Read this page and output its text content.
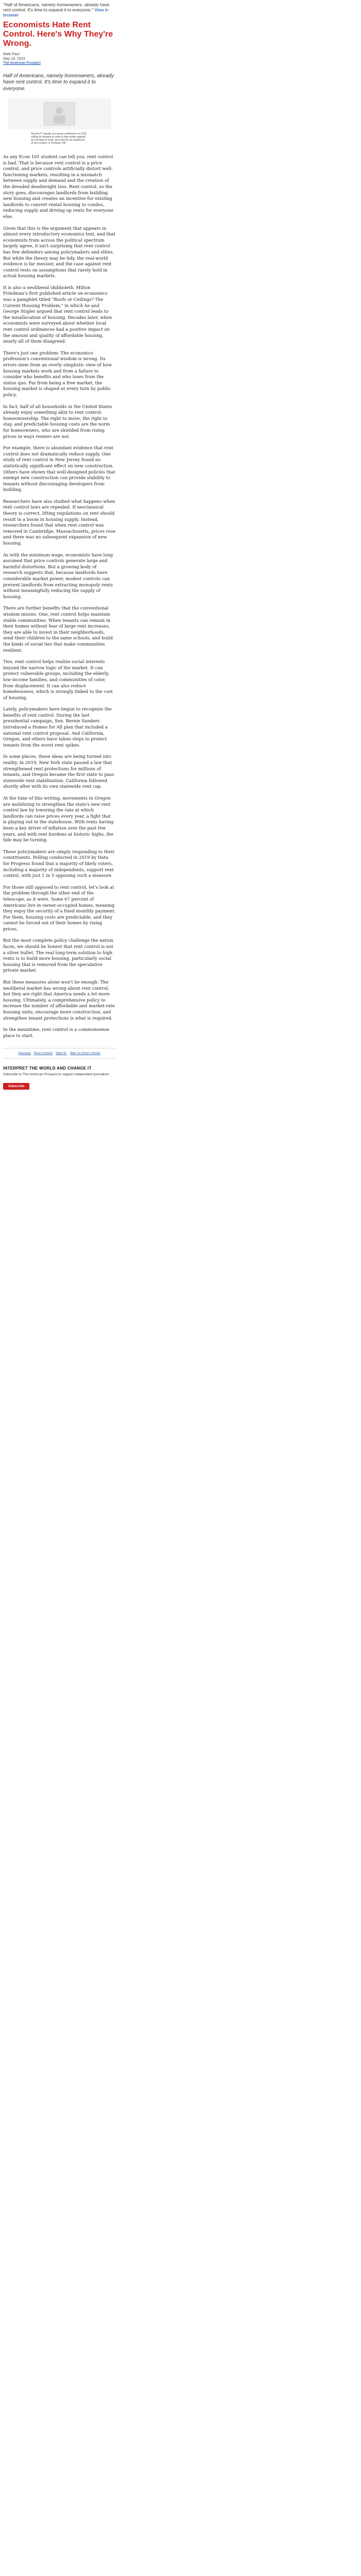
"Half of Americans, namely homeowners, already have rent control. It's time to expand it to everyone." View in browser
Economists Hate Rent Control. Here's Why They're Wrong.
Mark Paul
May 18, 2023
The American Prospect

Half of Americans, namely homeowners, already have rent control. It's time to expand it to everyone.

Tenant PT speaks at a press conference on 2/26 calling for tenants to unite to take action against an increase in rents, and calls for an expansion of rent control, in Portland, OR.

As any Econ 101 student can tell you, rent control is bad. That is because rent control is a price control, and price controls artificially distort well-functioning markets, resulting in a mismatch between supply and demand and the creation of the dreaded deadweight loss. Rent control, so the story goes, discourages landlords from building new housing and creates an incentive for existing landlords to convert rental housing to condos, reducing supply and driving up rents for everyone else.

Given that this is the argument that appears in almost every introductory economics text, and that economists from across the political spectrum largely agree, it isn't surprising that rent control has few defenders among policymakers and elites. But while the theory may be tidy, the real-world evidence is far messier, and the case against rent control rests on assumptions that rarely hold in actual housing markets.

It is also a neoliberal shibboleth. Milton Friedman's first published article on economics was a pamphlet titled "Roofs or Ceilings? The Current Housing Problem," in which he and George Stigler argued that rent control leads to the misallocation of housing. Decades later, when economists were surveyed about whether local rent control ordinances had a positive impact on the amount and quality of affordable housing, nearly all of them disagreed.

There's just one problem: The economics profession's conventional wisdom is wrong. Its errors stem from an overly simplistic view of how housing markets work and from a failure to consider who benefits and who loses from the status quo. Far from being a free market, the housing market is shaped at every turn by public policy.

In fact, half of all households in the United States already enjoy something akin to rent control: homeownership. The right to move, the right to stay, and predictable housing costs are the norm for homeowners, who are shielded from rising prices in ways renters are not.

For example, there is abundant evidence that rent control does not dramatically reduce supply. One study of rent control in New Jersey found no statistically significant effect on new construction. Others have shown that well-designed policies that exempt new construction can provide stability to tenants without discouraging developers from building.

Researchers have also studied what happens when rent control laws are repealed. If neoclassical theory is correct, lifting regulations on rent should result in a boom in housing supply. Instead, researchers found that when rent control was removed in Cambridge, Massachusetts, prices rose and there was no subsequent expansion of new housing.

As with the minimum wage, economists have long assumed that price controls generate large and harmful distortions. But a growing body of research suggests that, because landlords have considerable market power, modest controls can prevent landlords from extracting monopoly rents without meaningfully reducing the supply of housing.

There are further benefits that the conventional wisdom misses. One, rent control helps maintain stable communities. When tenants can remain in their homes without fear of large rent increases, they are able to invest in their neighborhoods, send their children to the same schools, and build the kinds of social ties that make communities resilient.

Two, rent control helps realize social interests beyond the narrow logic of the market. It can protect vulnerable groups, including the elderly, low-income families, and communities of color, from displacement. It can also reduce homelessness, which is strongly linked to the cost of housing.

Lately, policymakers have begun to recognize the benefits of rent control. During the last presidential campaign, Sen. Bernie Sanders introduced a Homes for All plan that included a national rent control proposal. And California, Oregon, and others have taken steps to protect tenants from the worst rent spikes.

In some places, these ideas are being turned into reality. In 2019, New York state passed a law that strengthened rent protections for millions of tenants, and Oregon became the first state to pass statewide rent stabilization. California followed shortly after with its own statewide rent cap.

At the time of this writing, movements in Oregon are mobilizing to strengthen the state's new rent control law by lowering the rate at which landlords can raise prices every year, a fight that is playing out in the statehouse. With rents having been a key driver of inflation over the past few years, and with rent burdens at historic highs, the tide may be turning.

These policymakers are simply responding to their constituents. Polling conducted in 2019 by Data for Progress found that a majority of likely voters, including a majority of independents, support rent control, with just 1 in 5 opposing such a measure.

For those still opposed to rent control, let's look at the problem through the other end of the telescope, as it were. Some 67 percent of Americans live in owner-occupied homes, meaning they enjoy the security of a fixed monthly payment. For them, housing costs are predictable, and they cannot be forced out of their homes by rising prices.

But the most complete policy challenge the nation faces, we should be honest that rent control is not a silver bullet. The real long-term solution to high rents is to build more housing, particularly social housing that is removed from the speculative private market.

But these measures alone won't be enough. The neoliberal market has wrong about rent control, but they are right that America needs a lot more housing. Ultimately, a comprehensive policy to increase the number of affordable and market-rate housing units, encourage more construction, and strengthen tenant protections is what is required.

In the meantime, rent control is a commonsense place to start.

Housing Rent Control Wall St. War on One's Home
INTERPRET THE WORLD AND CHANGE IT
Subscribe to The American Prospect to support independent journalism.
Subscribe
